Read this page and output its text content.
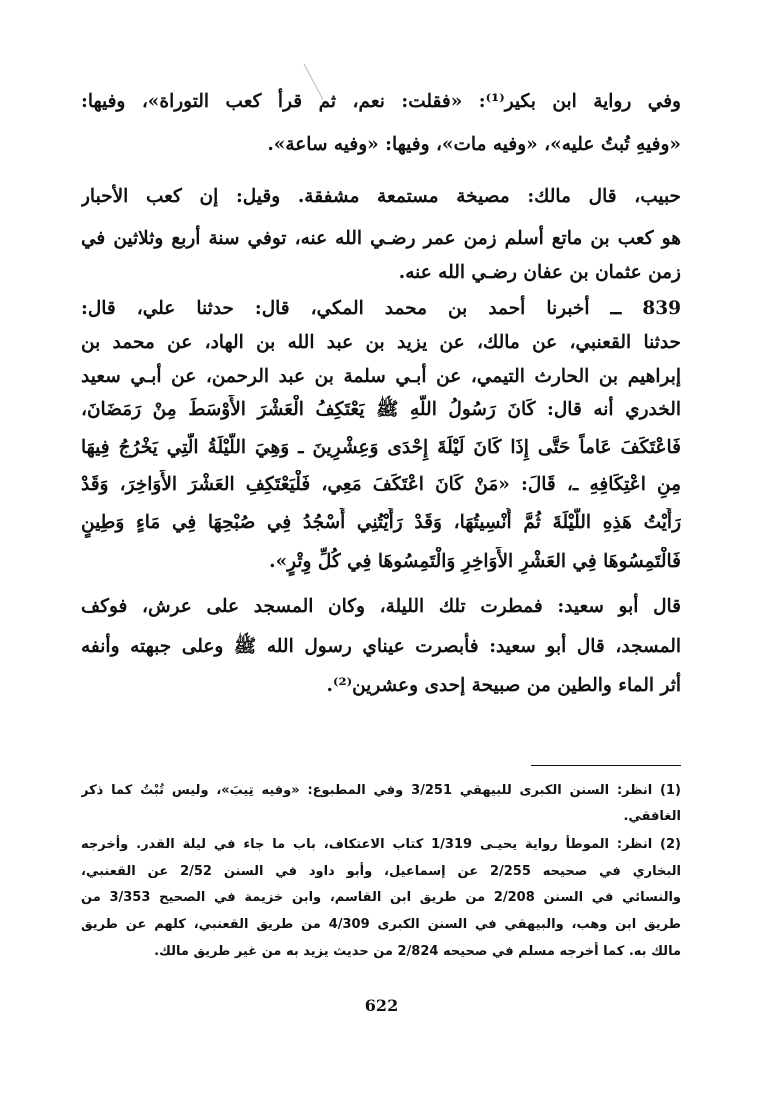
وفي رواية ابن بكير⁽¹⁾: «فقلت: نعم، ثم قرأ كعب التوراة»، وفيها:
«وفيهِ تُبتُ عليه»، «وفيه مات»، وفيها: «وفيه ساعة».
حبيب، قال مالك: مصيخة مستمعة مشفقة. وقيل: إن كعب الأحبار
هو كعب بن ماتع أسلم زمن عمر رضـي الله عنه، توفي سنة أربع وثلاثين في
زمن عثمان بن عفان رضـي الله عنه.
839 ــ أخبرنا أحمد بن محمد المكي، قال: حدثنا علي، قال:
حدثنا القعنبي، عن مالك، عن يزيد بن عبد الله بن الهاد، عن محمد بن
إبراهيم بن الحارث التيمي، عن أبـي سلمة بن عبد الرحمن، عن أبـي سعيد
الخدري أنه قال: كَانَ رَسُولُ اللَّهِ ﷺ يَعْتَكِفُ الْعَشْرَ الأَوْسَطَ مِنْ رَمَضَانَ،
فَاعْتَكَفَ عَاماً حَتَّى إِذَا كَانَ لَيْلَةَ إِحْدَى وَعِشْرِينَ ـ وَهِيَ اللَّيْلَةُ الَّتِي يَخْرُجُ فِيهَا
مِنِ اعْتِكَافِهِ ـ، قَالَ: «مَنْ كَانَ اعْتَكَفَ مَعِي، فَلْيَعْتَكِفِ العَشْرَ الأَوَاخِرَ، وَقَدْ
رَأَيْتُ هَذِهِ اللَّيْلَةَ ثُمَّ أُنْسِيتُهَا، وَقَدْ رَأَيْتُنِي أَسْجُدُ فِي صُبْحِهَا فِي مَاءٍ وَطِينٍ
فَالْتَمِسُوهَا فِي العَشْرِ الأَوَاخِرِ وَالْتَمِسُوهَا فِي كُلِّ وِتْرٍ».
قال أبو سعيد: فمطرت تلك الليلة، وكان المسجد على عرش، فوكف
المسجد، قال أبو سعيد: فأبصرت عيناي رسول الله ﷺ وعلى جبهته وأنفه
أثر الماء والطين من صبيحة إحدى وعشرين⁽²⁾.
(1) انظر: السنن الكبرى للبيهقي 3/251 وفي المطبوع: «وفيه تِيبَ»، وليس تُبْتُ كما ذكر
الغافقي.
(2) انظر: الموطأ رواية يحيـى 1/319 كتاب الاعتكاف، باب ما جاء في ليلة القدر. وأخرجه
البخاري في صحيحه 2/255 عن إسماعيل، وأبو داود في السنن 2/52 عن القعنبي،
والنسائي في السنن 2/208 من طريق ابن القاسم، وابن خزيمة في الصحيح 3/353 من
طريق ابن وهب، والبيهقي في السنن الكبرى 4/309 من طريق القعنبي، كلهم عن طريق
مالك به. كما أخرجه مسلم في صحيحه 2/824 من حديث يزيد به من غير طريق مالك.
622
